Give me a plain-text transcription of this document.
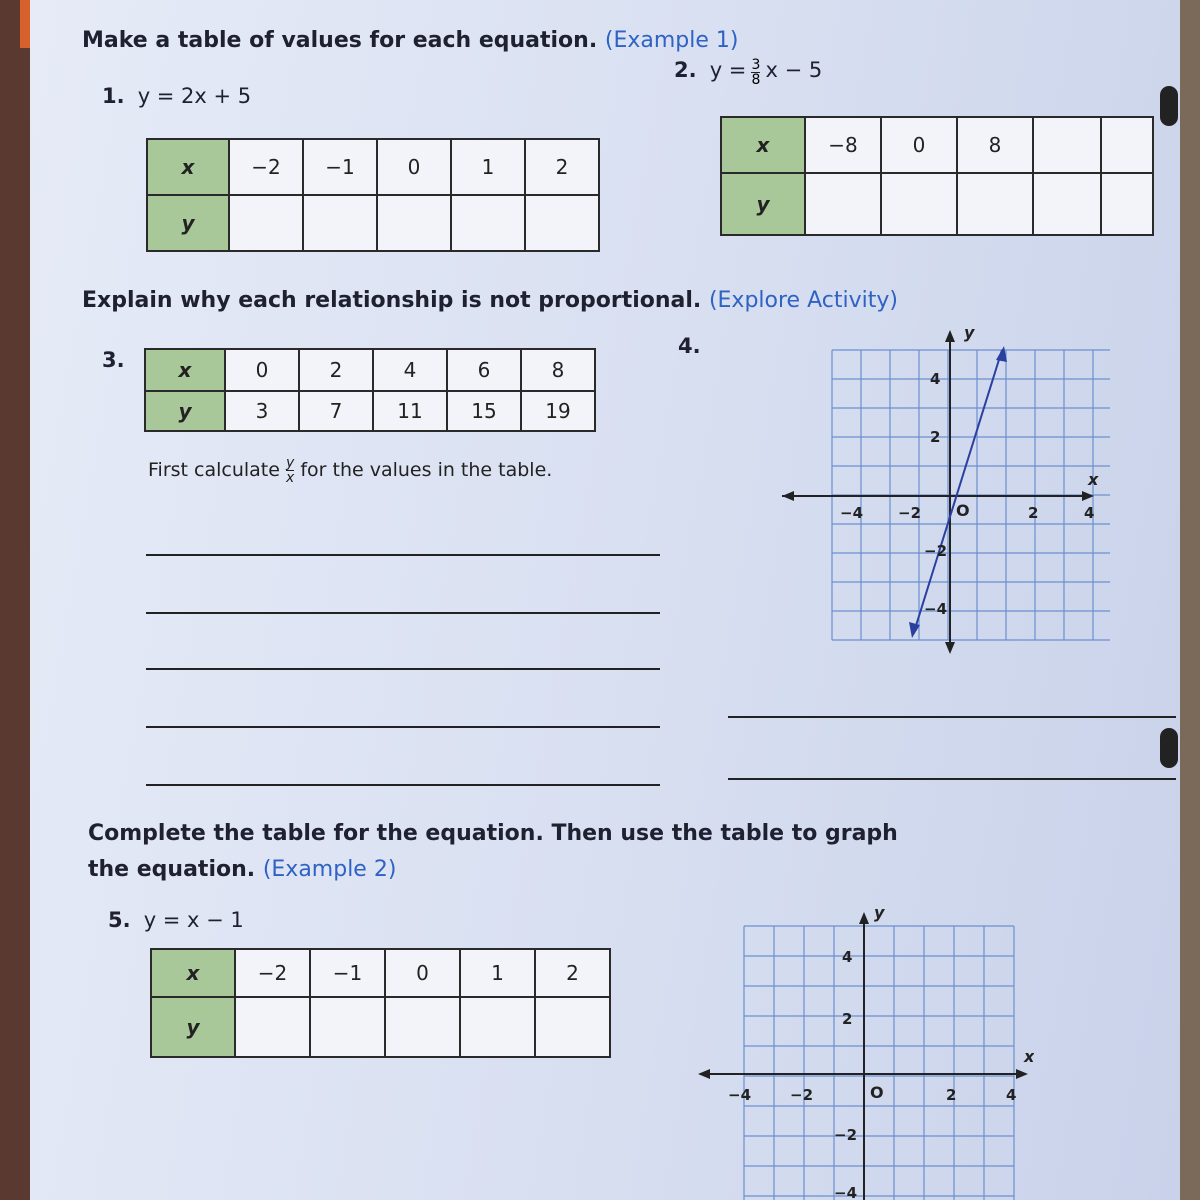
Make a table of values for each equation. (Example 1)
1. y = 2x + 5
x	−2	−1	0	1	2
y					
2. $y = \frac{3}{8}$ x − 5
x	−8	0	8		
y					
Explain why each relationship is not proportional. (Explore Activity)
3.	x	0	2	4	6	8
y	3	7	11	15	19
First calculate $\frac{y}{x}$ for the values in the table.
4.
x
y
O
−4 −2	2	4
4
2
−2
−4
Complete the table for the equation. Then use the table to graph
the equation. (Example 2)
5. y = x − 1
x	−2	−1	0	1	2
y					
x
y
O
−4	−2	2	4
4
2
−2
−4
